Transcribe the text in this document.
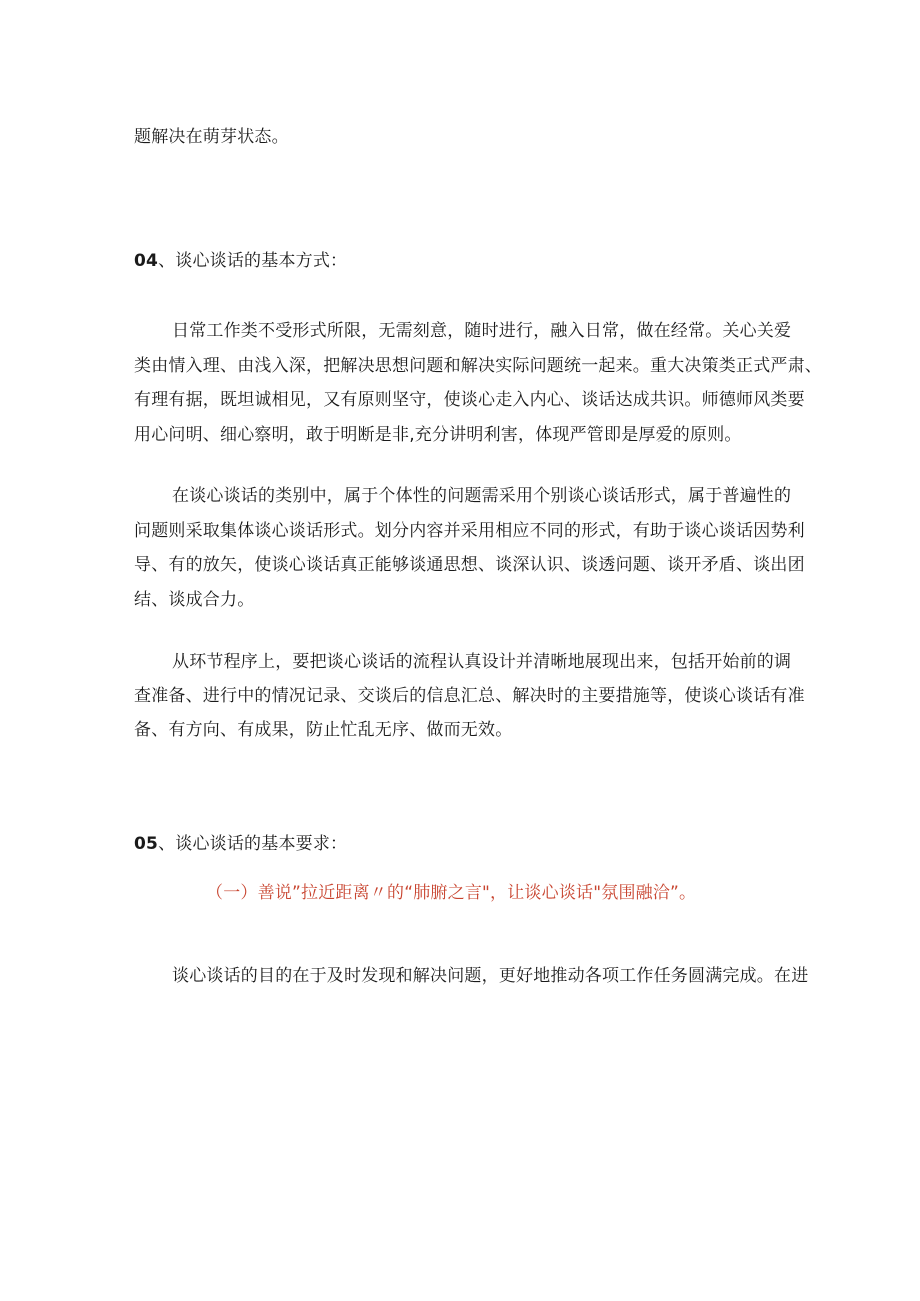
题解决在萌芽状态。
04、谈心谈话的基本方式：
日常工作类不受形式所限，无需刻意，随时进行，融入日常，做在经常。关心关爱
类由情入理、由浅入深，把解决思想问题和解决实际问题统一起来。重大决策类正式严肃、
有理有据，既坦诚相见，又有原则坚守，使谈心走入内心、谈话达成共识。师德师风类要
用心问明、细心察明，敢于明断是非,充分讲明利害，体现严管即是厚爱的原则。
在谈心谈话的类别中，属于个体性的问题需采用个别谈心谈话形式，属于普遍性的
问题则采取集体谈心谈话形式。划分内容并采用相应不同的形式，有助于谈心谈话因势利
导、有的放矢，使谈心谈话真正能够谈通思想、谈深认识、谈透问题、谈开矛盾、谈出团
结、谈成合力。
从环节程序上，要把谈心谈话的流程认真设计并清晰地展现出来，包括开始前的调
查准备、进行中的情况记录、交谈后的信息汇总、解决时的主要措施等，使谈心谈话有准
备、有方向、有成果，防止忙乱无序、做而无效。
05、谈心谈话的基本要求：
（一）善说”拉近距离〃的“肺腑之言"，让谈心谈话"氛围融洽”。
谈心谈话的目的在于及时发现和解决问题，更好地推动各项工作任务圆满完成。在进
